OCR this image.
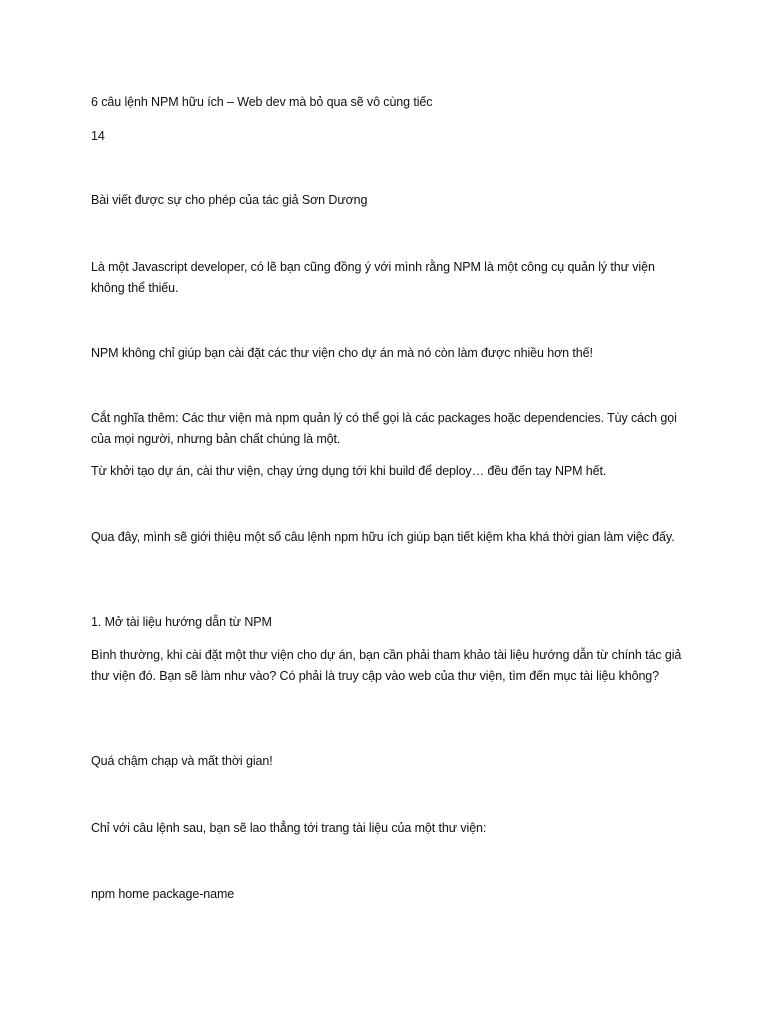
6 câu lệnh NPM hữu ích – Web dev mà bỏ qua sẽ vô cùng tiếc

14

Bài viết được sự cho phép của tác giả Sơn Dương

Là một Javascript developer, có lẽ bạn cũng đồng ý với mình rằng NPM là một công cụ quản lý thư viện không thể thiếu.

NPM không chỉ giúp bạn cài đặt các thư viện cho dự án mà nó còn làm được nhiều hơn thế!

Cắt nghĩa thêm: Các thư viện mà npm quản lý có thể gọi là các packages hoặc dependencies. Tùy cách gọi của mọi người, nhưng bản chất chúng là một.

Từ khởi tạo dự án, cài thư viện, chạy ứng dụng tới khi build để deploy… đều đến tay NPM hết.

Qua đây, mình sẽ giới thiệu một số câu lệnh npm hữu ích giúp bạn tiết kiệm kha khá thời gian làm việc đấy.

1. Mở tài liệu hướng dẫn từ NPM

Bình thường, khi cài đặt một thư viện cho dự án, bạn cần phải tham khảo tài liệu hướng dẫn từ chính tác giả thư viện đó. Bạn sẽ làm như vào? Có phải là truy cập vào web của thư viện, tìm đến mục tài liệu không?

Quá chậm chạp và mất thời gian!

Chỉ với câu lệnh sau, bạn sẽ lao thẳng tới trang tài liệu của một thư viện:

npm home package-name
